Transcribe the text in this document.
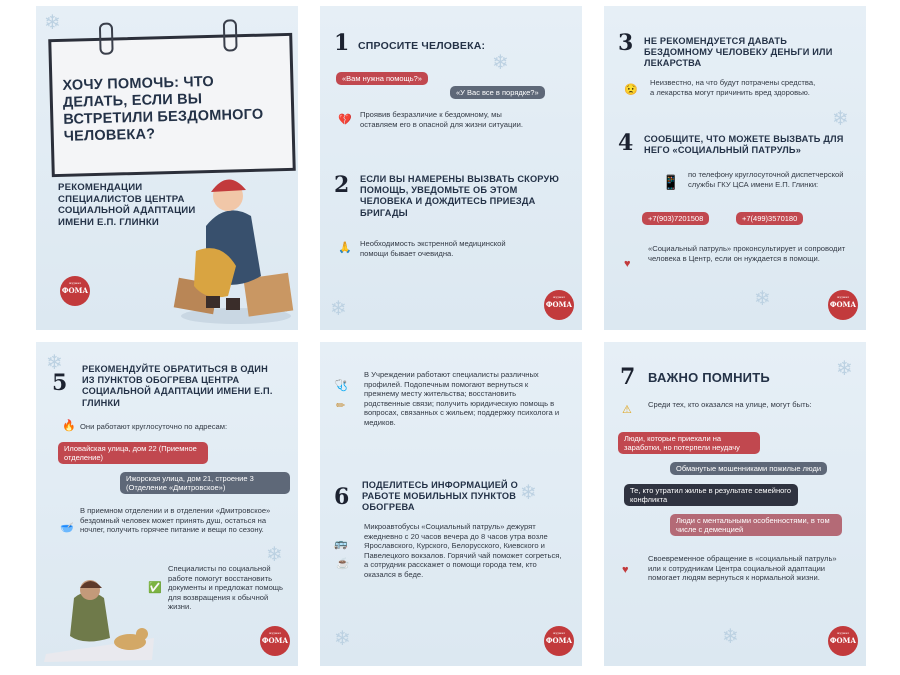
❄
ХОЧУ ПОМОЧЬ: ЧТО ДЕЛАТЬ, ЕСЛИ ВЫ ВСТРЕТИЛИ БЕЗДОМНОГО ЧЕЛОВЕКА?
РЕКОМЕНДАЦИИ СПЕЦИАЛИСТОВ ЦЕНТРА СОЦИАЛЬНОЙ АДАПТАЦИИ ИМЕНИ Е.П. ГЛИНКИ
журнал
ФОМА
❄
❄
1 СПРОСИТЕ ЧЕЛОВЕКА:
«Вам нужна помощь?»
«У Вас все в порядке?»
💔 Проявив безразличие к бездомному, мы оставляем его в опасной для жизни ситуации.
2 ЕСЛИ ВЫ НАМЕРЕНЫ ВЫЗВАТЬ СКОРУЮ ПОМОЩЬ, УВЕДОМЬТЕ ОБ ЭТОМ ЧЕЛОВЕКА И ДОЖДИТЕСЬ ПРИЕЗДА БРИГАДЫ
🙏 Необходимость экстренной медицинской помощи бывает очевидна.
журнал
ФОМА
❄
❄
3 НЕ РЕКОМЕНДУЕТСЯ ДАВАТЬ БЕЗДОМНОМУ ЧЕЛОВЕКУ ДЕНЬГИ ИЛИ ЛЕКАРСТВА
😟
Неизвестно, на что будут потрачены средства, а лекарства могут причинить вред здоровью.
4 СООБЩИТЕ, ЧТО МОЖЕТЕ ВЫЗВАТЬ ДЛЯ НЕГО «СОЦИАЛЬНЫЙ ПАТРУЛЬ»
📱 по телефону круглосуточной диспетчерской службы ГКУ ЦСА имени Е.П. Глинки:
+7(903)7201508	+7(499)3570180
♥
«Социальный патруль» проконсультирует и сопроводит человека в Центр, если он нуждается в помощи.
журнал
ФОМА
❄
❄
5
РЕКОМЕНДУЙТЕ ОБРАТИТЬСЯ В ОДИН ИЗ ПУНКТОВ ОБОГРЕВА ЦЕНТРА СОЦИАЛЬНОЙ АДАПТАЦИИ ИМЕНИ Е.П. ГЛИНКИ
🔥 Они работают круглосуточно по адресам:
Иловайская улица, дом 22 (Приемное отделение)
Ижорская улица, дом 21, строение 3 (Отделение «Дмитровское»)
🥣
В приемном отделении и в отделении «Дмитровское» бездомный человек может принять душ, остаться на ночлег, получить горячее питание и вещи по сезону.
✅
Специалисты по социальной работе помогут восстановить документы и предложат помощь для возвращения к обычной жизни.
журнал
ФОМА
❄
❄
🩺
✏
В Учреждении работают специалисты различных профилей. Подопечным помогают вернуться к прежнему месту жительства; восстановить родственные связи; получить юридическую помощь в вопросах, связанных с жильем; поддержку психолога и медиков.
6 ПОДЕЛИТЕСЬ ИНФОРМАЦИЕЙ О РАБОТЕ МОБИЛЬНЫХ ПУНКТОВ ОБОГРЕВА
🚌
☕
Микроавтобусы «Социальный патруль» дежурят ежедневно с 20 часов вечера до 8 часов утра возле Ярославского, Курского, Белорусского, Киевского и Павелецкого вокзалов. Горячий чай поможет согреться, а сотрудник расскажет о помощи города тем, кто оказался в беде.
журнал
ФОМА
❄
❄
7 ВАЖНО ПОМНИТЬ
⚠ Среди тех, кто оказался на улице, могут быть:
Люди, которые приехали на заработки, но потерпели неудачу
Обманутые мошенниками пожилые люди
Те, кто утратил жилье в результате семейного конфликта
Люди с ментальными особенностями, в том числе с деменцией
♥
Своевременное обращение в «социальный патруль» или к сотрудникам Центра социальной адаптации помогает людям вернуться к нормальной жизни.
журнал
ФОМА
